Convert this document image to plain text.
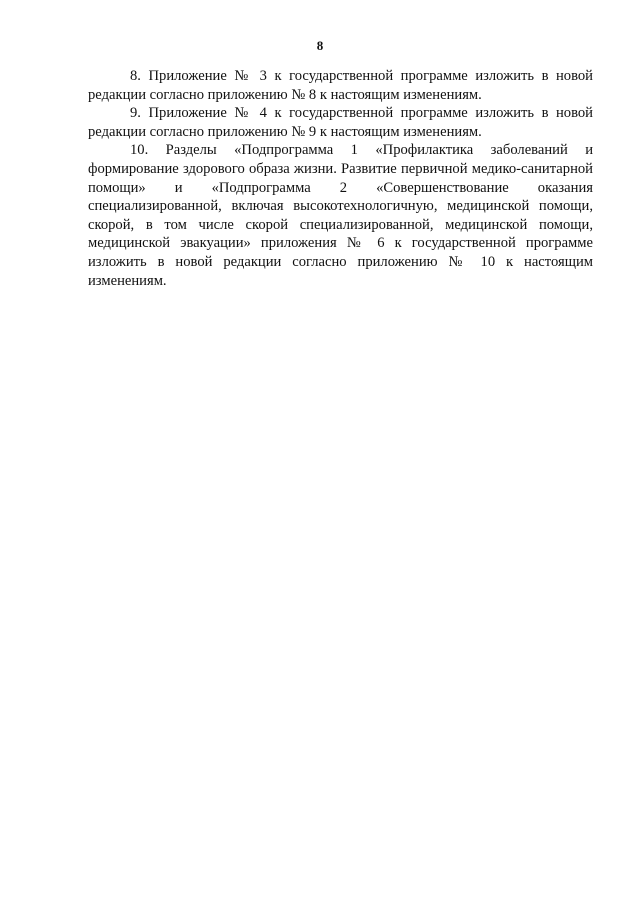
8

8. Приложение № 3 к государственной программе изложить в новой редакции согласно приложению № 8 к настоящим изменениям.

9. Приложение № 4 к государственной программе изложить в новой редакции согласно приложению № 9 к настоящим изменениям.

10. Разделы «Подпрограмма 1 «Профилактика заболеваний и формирование здорового образа жизни. Развитие первичной медико-санитарной помощи» и «Подпрограмма 2 «Совершенствование оказания специализированной, включая высокотехнологичную, медицинской помощи, скорой, в том числе скорой специализированной, медицинской помощи, медицинской эвакуации» приложения № 6 к государственной программе изложить в новой редакции согласно приложению № 10 к настоящим изменениям.
